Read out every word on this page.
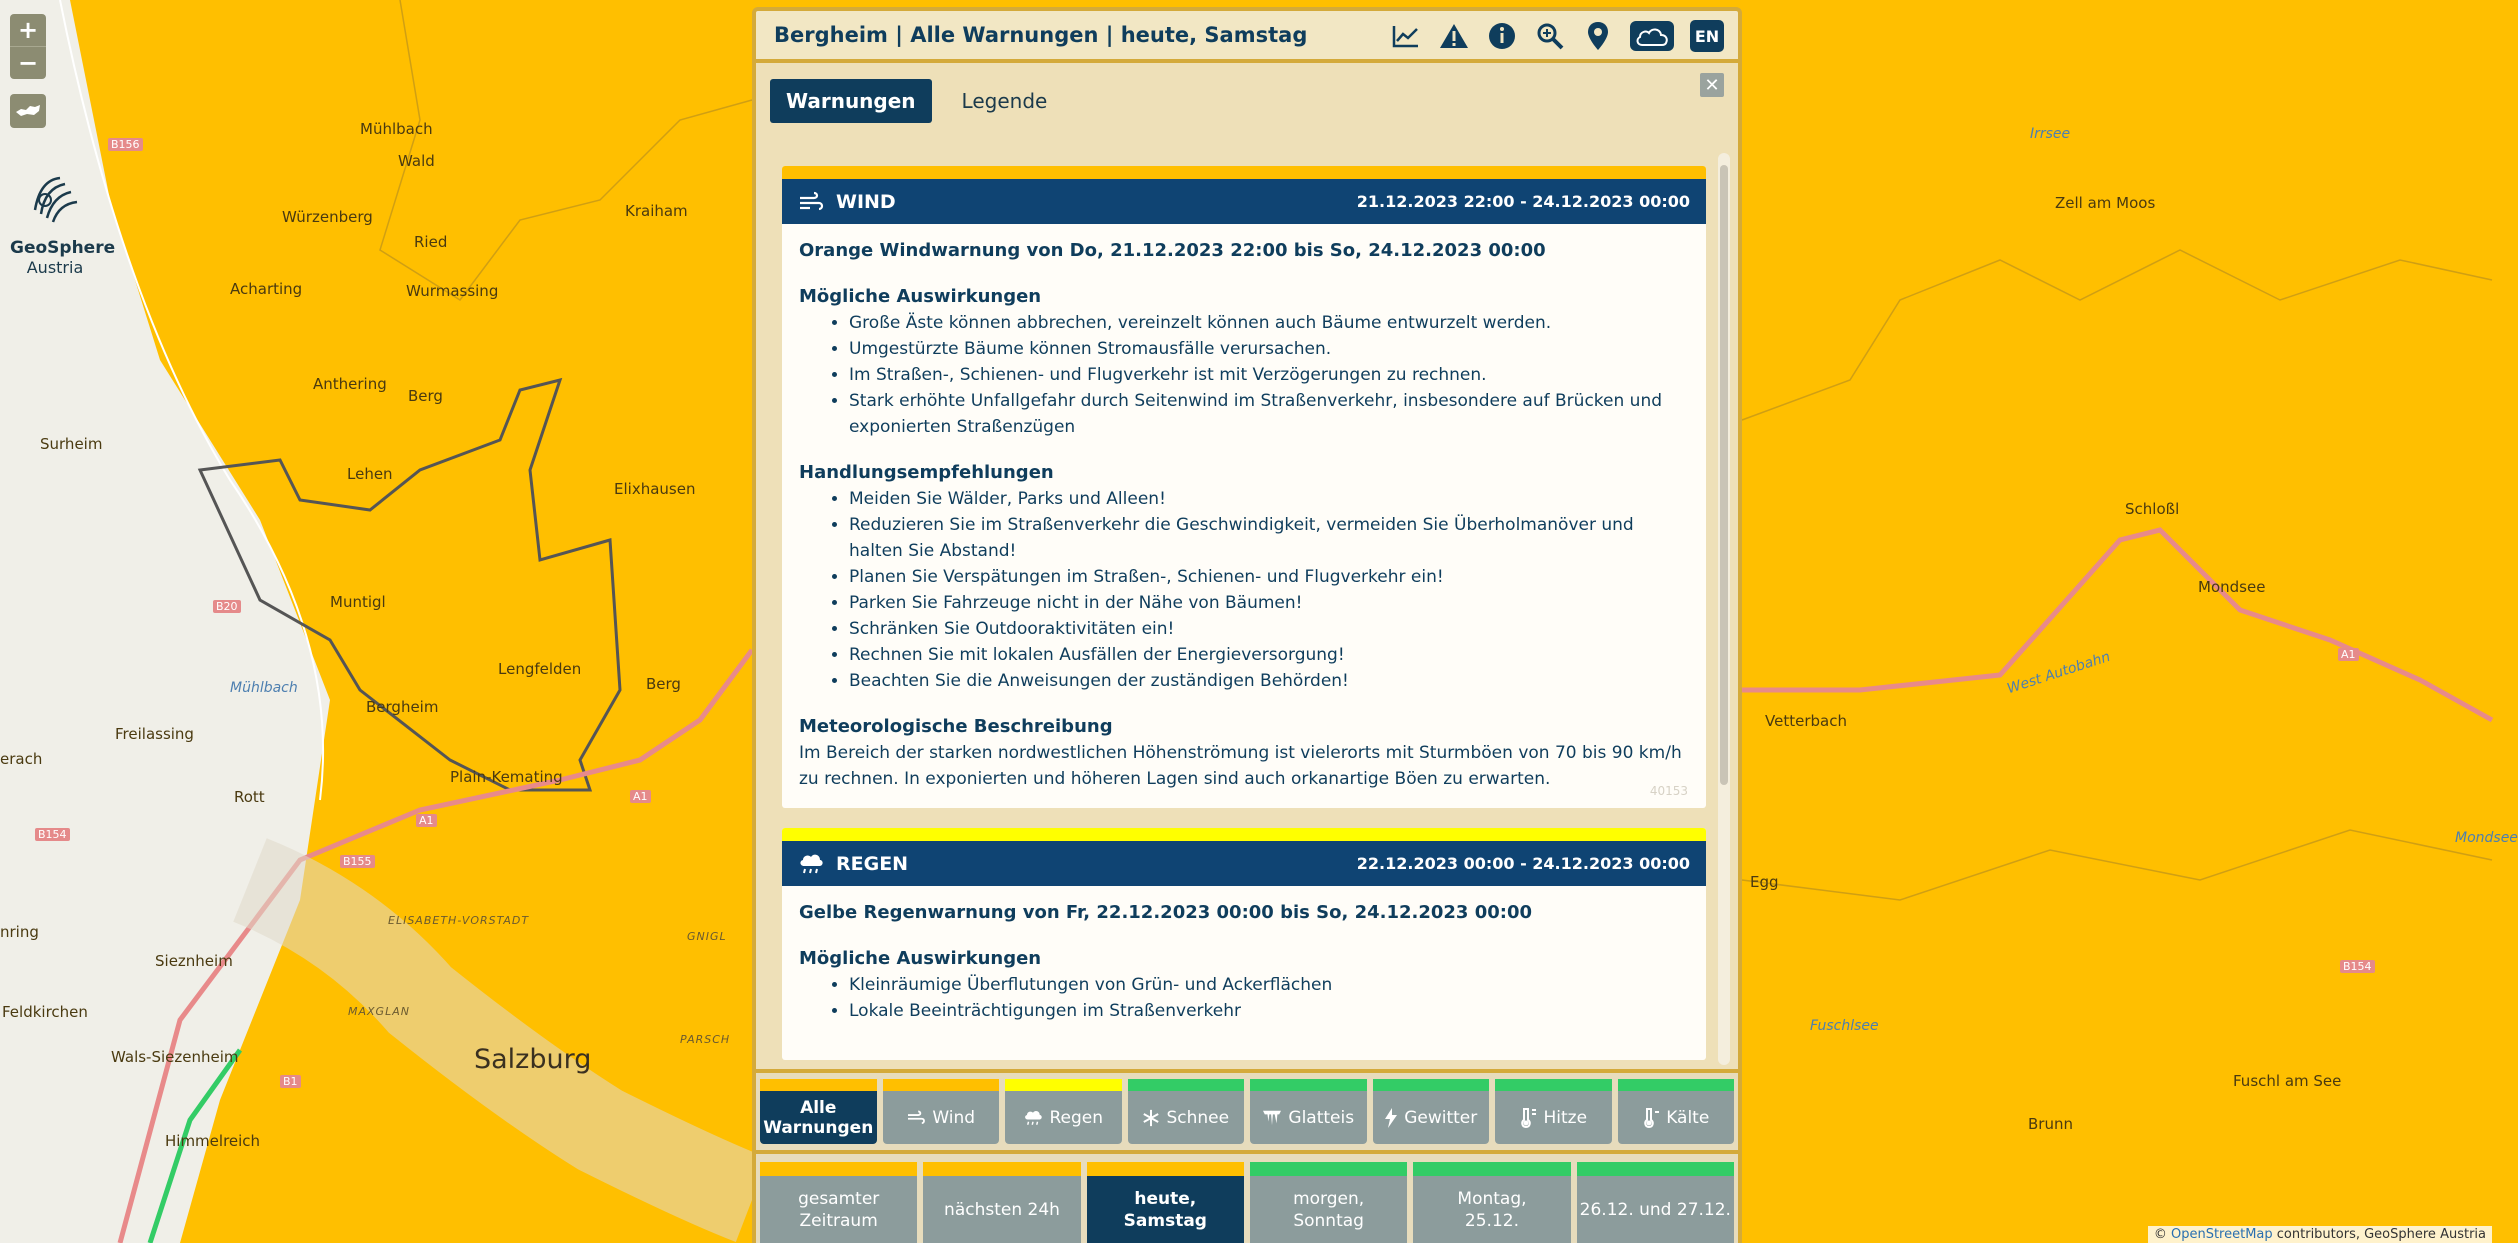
Mühlbach
Wald
Würzenberg
Ried
Kraiham
Acharting	Wurmassing
Anthering
Berg
Surheim
Lehen
Elixhausen
Muntigl
Lengfelden
Bergheim
Berg
Freilassing
Plain-Kemating
Rott
Sieznheim
Feldkirchen
Wals-Siezenheim
Himmelreich
Zell am Moos
Schloßl
Mondsee
Vetterbach
Egg
Fuschl am See
Brunn
erach
nring
Salzburg
ELISABETH-VORSTADT
MAXGLAN
PARSCH
GNIGL
A1
A1
A1
B156
B155
B154
B154
B20
B1
Mühlbach
Mondsee
Fuschlsee
Irrsee
West Autobahn
+
−
GeoSphere
Austria
Bergheim | Alle Warnungen | heute, Samstag	EN
Warnungen	Legende
✕
WIND	21.12.2023 22:00 - 24.12.2023 00:00
Orange Windwarnung von Do, 21.12.2023 22:00 bis So, 24.12.2023 00:00
Mögliche Auswirkungen
• Große Äste können abbrechen, vereinzelt können auch Bäume entwurzelt werden.
• Umgestürzte Bäume können Stromausfälle verursachen.
• Im Straßen-, Schienen- und Flugverkehr ist mit Verzögerungen zu rechnen.
• Stark erhöhte Unfallgefahr durch Seitenwind im Straßenverkehr, insbesondere auf Brücken und exponierten Straßenzügen
Handlungsempfehlungen
• Meiden Sie Wälder, Parks und Alleen!
• Reduzieren Sie im Straßenverkehr die Geschwindigkeit, vermeiden Sie Überholmanöver und halten Sie Abstand!
• Planen Sie Verspätungen im Straßen-, Schienen- und Flugverkehr ein!
• Parken Sie Fahrzeuge nicht in der Nähe von Bäumen!
• Schränken Sie Outdooraktivitäten ein!
• Rechnen Sie mit lokalen Ausfällen der Energieversorgung!
• Beachten Sie die Anweisungen der zuständigen Behörden!
Meteorologische Beschreibung

Im Bereich der starken nordwestlichen Höhenströmung ist vielerorts mit Sturmböen von 70 bis 90 km/h zu rechnen. In exponierten und höheren Lagen sind auch orkanartige Böen zu erwarten.

40153
REGEN	22.12.2023 00:00 - 24.12.2023 00:00
Gelbe Regenwarnung von Fr, 22.12.2023 00:00 bis So, 24.12.2023 00:00
Mögliche Auswirkungen
• Kleinräumige Überflutungen von Grün- und Ackerflächen
• Lokale Beeinträchtigungen im Straßenverkehr
Alle Warnungen	Wind	Regen	Schnee	Glatteis	Gewitter	Hitze	Kälte
gesamter
Zeitraum
nächsten 24h
heute,
Samstag
morgen,
Sonntag
Montag,
25.12.
26.12. und 27.12.
© OpenStreetMap contributors, GeoSphere Austria
